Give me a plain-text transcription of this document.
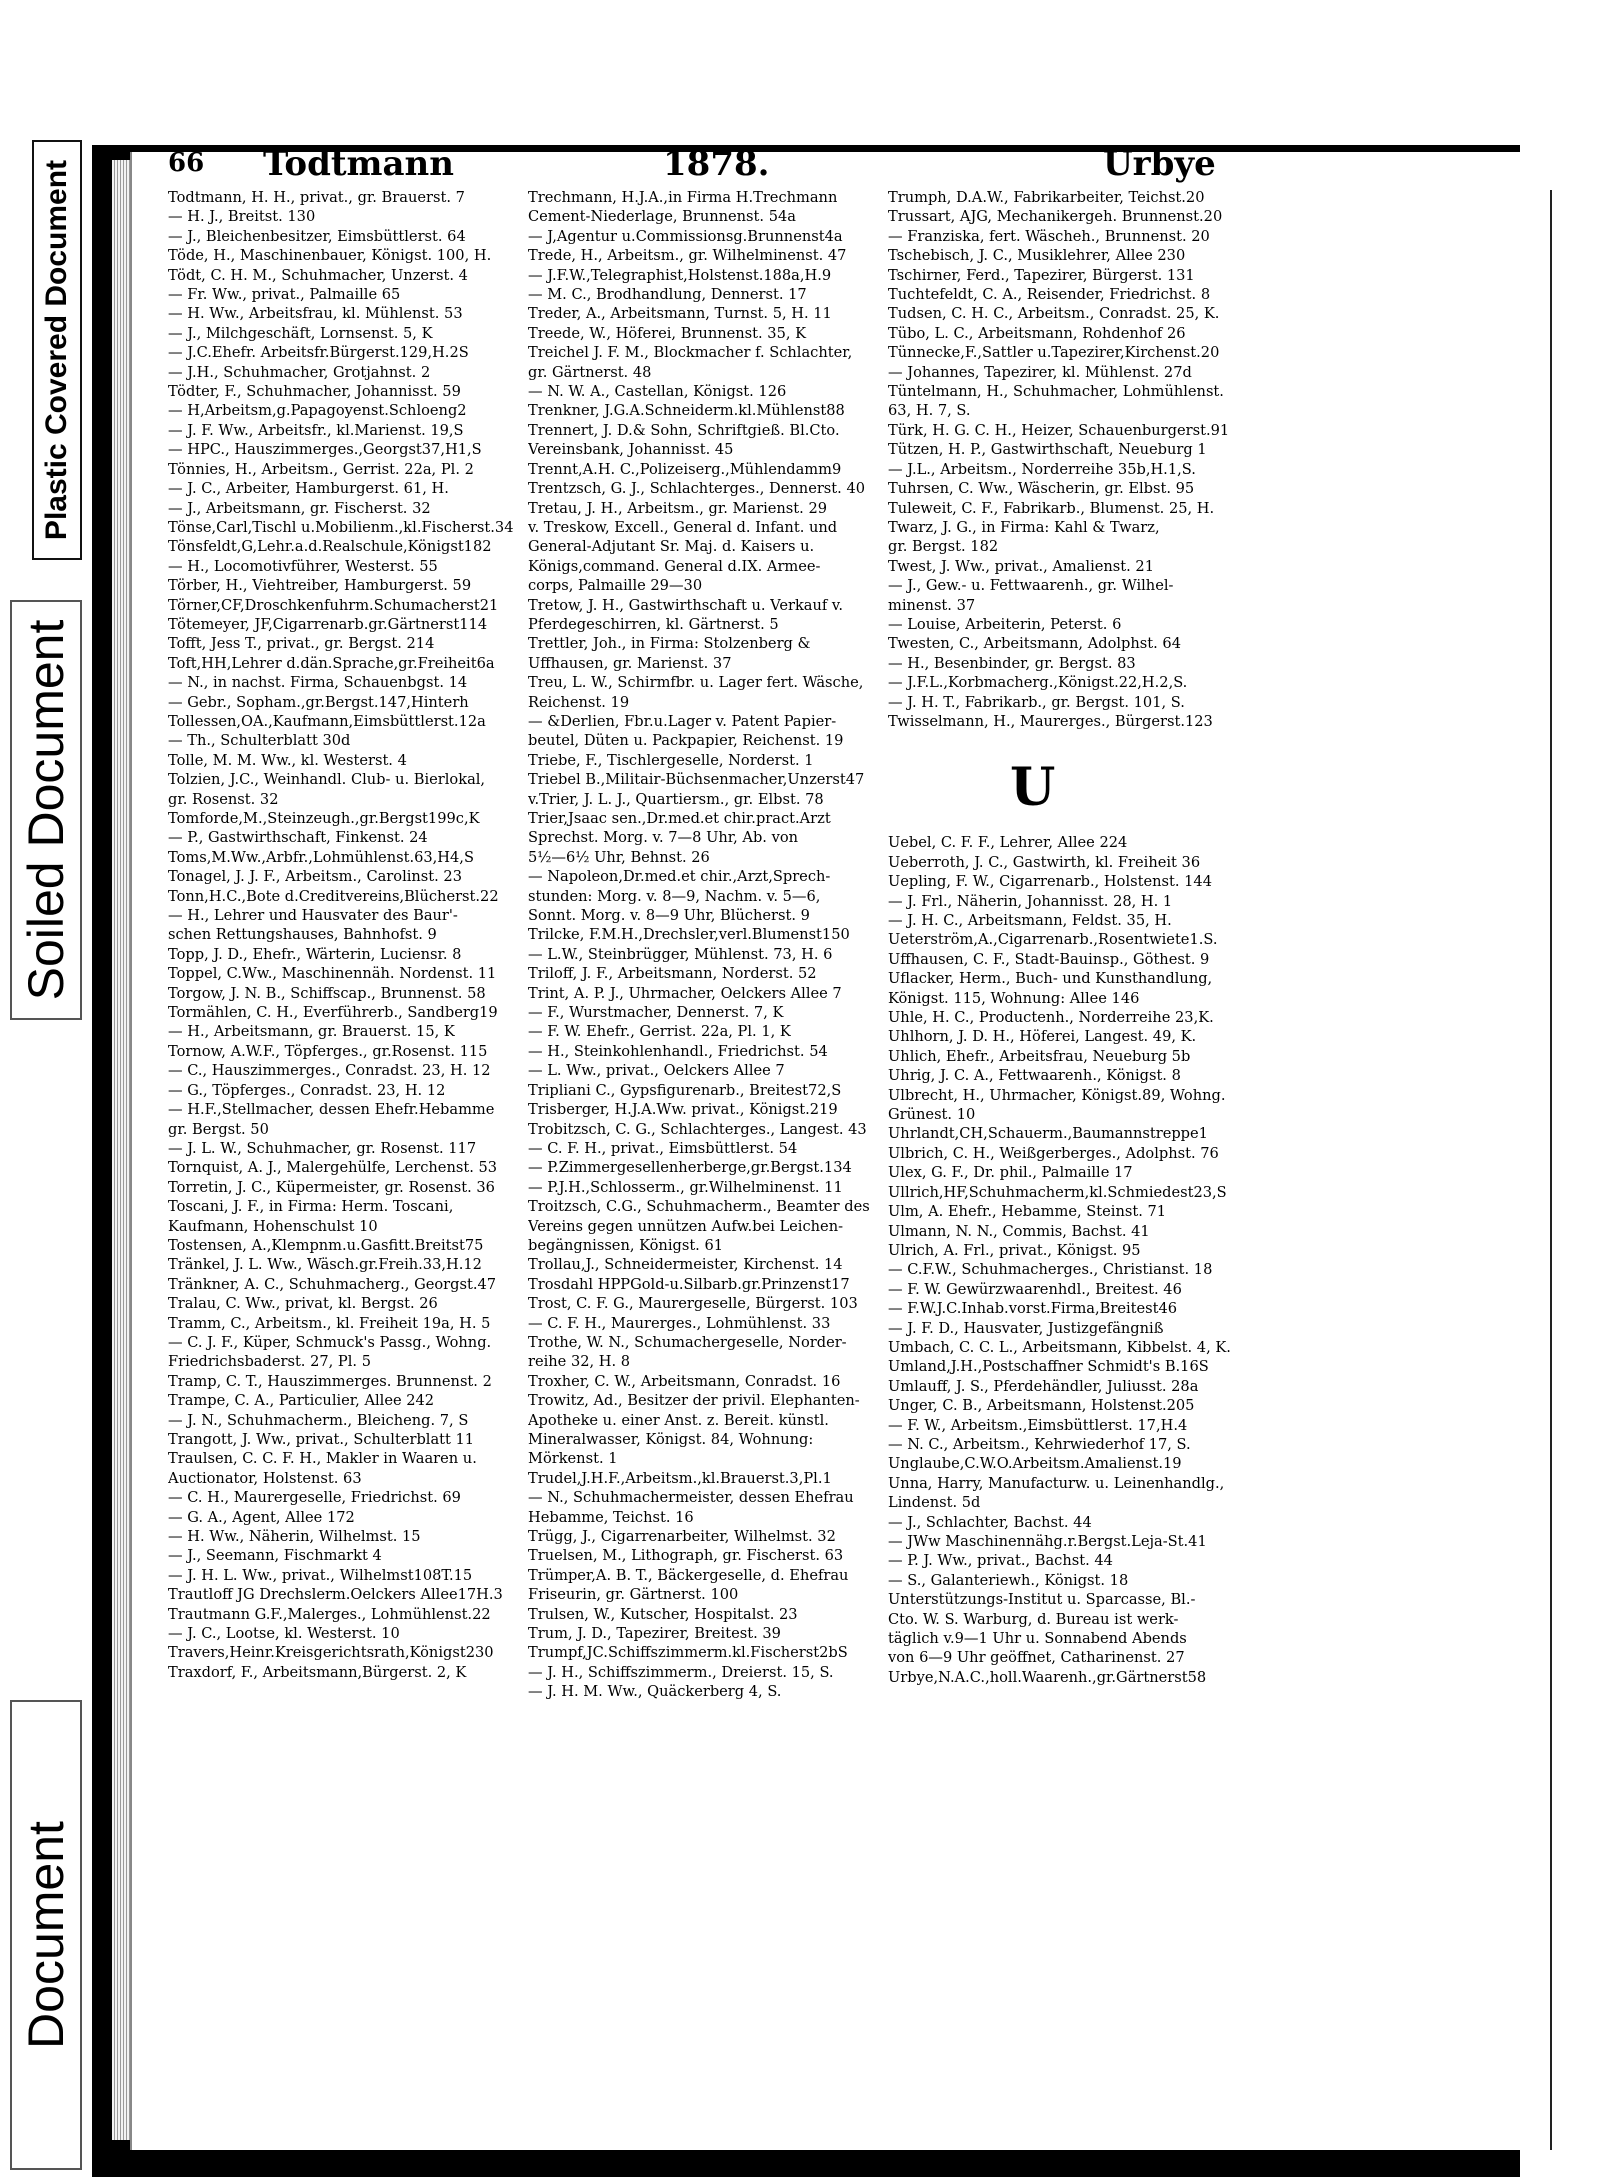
Plastic Covered Document
Soiled Document
Document
66 Todtmann	1878.	Urbye
Todtmann, H. H., privat., gr. Brauerst. 7
— H. J., Breitst. 130
— J., Bleichenbesitzer, Eimsbüttlerst. 64
Töde, H., Maschinenbauer, Königst. 100, H.
Tödt, C. H. M., Schuhmacher, Unzerst. 4
— Fr. Ww., privat., Palmaille 65
— H. Ww., Arbeitsfrau, kl. Mühlenst. 53
— J., Milchgeschäft, Lornsenst. 5, K
— J.C.Ehefr. Arbeitsfr.Bürgerst.129,H.2S
— J.H., Schuhmacher, Grotjahnst. 2
Tödter, F., Schuhmacher, Johannisst. 59
— H,Arbeitsm,g.Papagoyenst.Schloeng2
— J. F. Ww., Arbeitsfr., kl.Marienst. 19,S
— HPC., Hauszimmerges.,Georgst37,H1,S
Tönnies, H., Arbeitsm., Gerrist. 22a, Pl. 2
— J. C., Arbeiter, Hamburgerst. 61, H.
— J., Arbeitsmann, gr. Fischerst. 32
Tönse,Carl,Tischl u.Mobilienm.,kl.Fischerst.34
Tönsfeldt,G,Lehr.a.d.Realschule,Königst182
— H., Locomotivführer, Westerst. 55
Törber, H., Viehtreiber, Hamburgerst. 59
Törner,CF,Droschkenfuhrm.Schumacherst21
Tötemeyer, JF,Cigarrenarb.gr.Gärtnerst114
Tofft, Jess T., privat., gr. Bergst. 214
Toft,HH,Lehrer d.dän.Sprache,gr.Freiheit6a
— N., in nachst. Firma, Schauenbgst. 14
— Gebr., Sopham.,gr.Bergst.147,Hinterh
Tollessen,OA.,Kaufmann,Eimsbüttlerst.12a
— Th., Schulterblatt 30d
Tolle, M. M. Ww., kl. Westerst. 4
Tolzien, J.C., Weinhandl. Club- u. Bierlokal,
gr. Rosenst. 32
Tomforde,M.,Steinzeugh.,gr.Bergst199c,K
— P., Gastwirthschaft, Finkenst. 24
Toms,M.Ww.,Arbfr.,Lohmühlenst.63,H4,S
Tonagel, J. J. F., Arbeitsm., Carolinst. 23
Tonn,H.C.,Bote d.Creditvereins,Blücherst.22
— H., Lehrer und Hausvater des Baur'-
schen Rettungshauses, Bahnhofst. 9
Topp, J. D., Ehefr., Wärterin, Luciensr. 8
Toppel, C.Ww., Maschinennäh. Nordenst. 11
Torgow, J. N. B., Schiffscap., Brunnenst. 58
Tormählen, C. H., Everführerb., Sandberg19
— H., Arbeitsmann, gr. Brauerst. 15, K
Tornow, A.W.F., Töpferges., gr.Rosenst. 115
— C., Hauszimmerges., Conradst. 23, H. 12
— G., Töpferges., Conradst. 23, H. 12
— H.F.,Stellmacher, dessen Ehefr.Hebamme
gr. Bergst. 50
— J. L. W., Schuhmacher, gr. Rosenst. 117
Tornquist, A. J., Malergehülfe, Lerchenst. 53
Torretin, J. C., Küpermeister, gr. Rosenst. 36
Toscani, J. F., in Firma: Herm. Toscani,
Kaufmann, Hohenschulst 10
Tostensen, A.,Klempnm.u.Gasfitt.Breitst75
Tränkel, J. L. Ww., Wäsch.gr.Freih.33,H.12
Tränkner, A. C., Schuhmacherg., Georgst.47
Tralau, C. Ww., privat, kl. Bergst. 26
Tramm, C., Arbeitsm., kl. Freiheit 19a, H. 5
— C. J. F., Küper, Schmuck's Passg., Wohng.
Friedrichsbaderst. 27, Pl. 5
Tramp, C. T., Hauszimmerges. Brunnenst. 2
Trampe, C. A., Particulier, Allee 242
— J. N., Schuhmacherm., Bleicheng. 7, S
Trangott, J. Ww., privat., Schulterblatt 11
Traulsen, C. C. F. H., Makler in Waaren u.
Auctionator, Holstenst. 63
— C. H., Maurergeselle, Friedrichst. 69
— G. A., Agent, Allee 172
— H. Ww., Näherin, Wilhelmst. 15
— J., Seemann, Fischmarkt 4
— J. H. L. Ww., privat., Wilhelmst108T.15
Trautloff JG Drechslerm.Oelckers Allee17H.3
Trautmann G.F.,Malerges., Lohmühlenst.22
— J. C., Lootse, kl. Westerst. 10
Travers,Heinr.Kreisgerichtsrath,Königst230
Traxdorf, F., Arbeitsmann,Bürgerst. 2, K
Trechmann, H.J.A.,in Firma H.Trechmann
Cement-Niederlage, Brunnenst. 54a
— J,Agentur u.Commissionsg.Brunnenst4a
Trede, H., Arbeitsm., gr. Wilhelminenst. 47
— J.F.W.,Telegraphist,Holstenst.188a,H.9
— M. C., Brodhandlung, Dennerst. 17
Treder, A., Arbeitsmann, Turnst. 5, H. 11
Treede, W., Höferei, Brunnenst. 35, K
Treichel J. F. M., Blockmacher f. Schlachter,
gr. Gärtnerst. 48
— N. W. A., Castellan, Königst. 126
Trenkner, J.G.A.Schneiderm.kl.Mühlenst88
Trennert, J. D.& Sohn, Schriftgieß. Bl.Cto.
Vereinsbank, Johannisst. 45
Trennt,A.H. C.,Polizeiserg.,Mühlendamm9
Trentzsch, G. J., Schlachterges., Dennerst. 40
Tretau, J. H., Arbeitsm., gr. Marienst. 29
v. Treskow, Excell., General d. Infant. und
General-Adjutant Sr. Maj. d. Kaisers u.
Königs,command. General d.IX. Armee-
corps, Palmaille 29—30
Tretow, J. H., Gastwirthschaft u. Verkauf v.
Pferdegeschirren, kl. Gärtnerst. 5
Trettler, Joh., in Firma: Stolzenberg &
Uffhausen, gr. Marienst. 37
Treu, L. W., Schirmfbr. u. Lager fert. Wäsche,
Reichenst. 19
— &Derlien, Fbr.u.Lager v. Patent Papier-
beutel, Düten u. Packpapier, Reichenst. 19
Triebe, F., Tischlergeselle, Norderst. 1
Triebel B.,Militair-Büchsenmacher,Unzerst47
v.Trier, J. L. J., Quartiersm., gr. Elbst. 78
Trier,Jsaac sen.,Dr.med.et chir.pract.Arzt
Sprechst. Morg. v. 7—8 Uhr, Ab. von
5½—6½ Uhr, Behnst. 26
— Napoleon,Dr.med.et chir.,Arzt,Sprech-
stunden: Morg. v. 8—9, Nachm. v. 5—6,
Sonnt. Morg. v. 8—9 Uhr, Blücherst. 9
Trilcke, F.M.H.,Drechsler,verl.Blumenst150
— L.W., Steinbrügger, Mühlenst. 73, H. 6
Triloff, J. F., Arbeitsmann, Norderst. 52
Trint, A. P. J., Uhrmacher, Oelckers Allee 7
— F., Wurstmacher, Dennerst. 7, K
— F. W. Ehefr., Gerrist. 22a, Pl. 1, K
— H., Steinkohlenhandl., Friedrichst. 54
— L. Ww., privat., Oelckers Allee 7
Tripliani C., Gypsfigurenarb., Breitest72,S
Trisberger, H.J.A.Ww. privat., Königst.219
Trobitzsch, C. G., Schlachterges., Langest. 43
— C. F. H., privat., Eimsbüttlerst. 54
— P.Zimmergesellenherberge,gr.Bergst.134
— P.J.H.,Schlosserm., gr.Wilhelminenst. 11
Troitzsch, C.G., Schuhmacherm., Beamter des
Vereins gegen unnützen Aufw.bei Leichen-
begängnissen, Königst. 61
Trollau,J., Schneidermeister, Kirchenst. 14
Trosdahl HPPGold-u.Silbarb.gr.Prinzenst17
Trost, C. F. G., Maurergeselle, Bürgerst. 103
— C. F. H., Maurerges., Lohmühlenst. 33
Trothe, W. N., Schumachergeselle, Norder-
reihe 32, H. 8
Troxher, C. W., Arbeitsmann, Conradst. 16
Trowitz, Ad., Besitzer der privil. Elephanten-
Apotheke u. einer Anst. z. Bereit. künstl.
Mineralwasser, Königst. 84, Wohnung:
Mörkenst. 1
Trudel,J.H.F.,Arbeitsm.,kl.Brauerst.3,Pl.1
— N., Schuhmachermeister, dessen Ehefrau
Hebamme, Teichst. 16
Trügg, J., Cigarrenarbeiter, Wilhelmst. 32
Truelsen, M., Lithograph, gr. Fischerst. 63
Trümper,A. B. T., Bäckergeselle, d. Ehefrau
Friseurin, gr. Gärtnerst. 100
Trulsen, W., Kutscher, Hospitalst. 23
Trum, J. D., Tapezirer, Breitest. 39
Trumpf,JC.Schiffszimmerm.kl.Fischerst2bS
— J. H., Schiffszimmerm., Dreierst. 15, S.
— J. H. M. Ww., Quäckerberg 4, S.
Trumph, D.A.W., Fabrikarbeiter, Teichst.20
Trussart, AJG, Mechanikergeh. Brunnenst.20
— Franziska, fert. Wäscheh., Brunnenst. 20
Tschebisch, J. C., Musiklehrer, Allee 230
Tschirner, Ferd., Tapezirer, Bürgerst. 131
Tuchtefeldt, C. A., Reisender, Friedrichst. 8
Tudsen, C. H. C., Arbeitsm., Conradst. 25, K.
Tübo, L. C., Arbeitsmann, Rohdenhof 26
Tünnecke,F.,Sattler u.Tapezirer,Kirchenst.20
— Johannes, Tapezirer, kl. Mühlenst. 27d
Tüntelmann, H., Schuhmacher, Lohmühlenst.
63, H. 7, S.
Türk, H. G. C. H., Heizer, Schauenburgerst.91
Tützen, H. P., Gastwirthschaft, Neueburg 1
— J.L., Arbeitsm., Norderreihe 35b,H.1,S.
Tuhrsen, C. Ww., Wäscherin, gr. Elbst. 95
Tuleweit, C. F., Fabrikarb., Blumenst. 25, H.
Twarz, J. G., in Firma: Kahl & Twarz,
gr. Bergst. 182
Twest, J. Ww., privat., Amalienst. 21
— J., Gew.- u. Fettwaarenh., gr. Wilhel-
minenst. 37
— Louise, Arbeiterin, Peterst. 6
Twesten, C., Arbeitsmann, Adolphst. 64
— H., Besenbinder, gr. Bergst. 83
— J.F.L.,Korbmacherg.,Königst.22,H.2,S.
— J. H. T., Fabrikarb., gr. Bergst. 101, S.
Twisselmann, H., Maurerges., Bürgerst.123
U
Uebel, C. F. F., Lehrer, Allee 224
Ueberroth, J. C., Gastwirth, kl. Freiheit 36
Uepling, F. W., Cigarrenarb., Holstenst. 144
— J. Frl., Näherin, Johannisst. 28, H. 1
— J. H. C., Arbeitsmann, Feldst. 35, H.
Ueterström,A.,Cigarrenarb.,Rosentwiete1.S.
Uffhausen, C. F., Stadt-Bauinsp., Göthest. 9
Uflacker, Herm., Buch- und Kunsthandlung,
Königst. 115, Wohnung: Allee 146
Uhle, H. C., Productenh., Norderreihe 23,K.
Uhlhorn, J. D. H., Höferei, Langest. 49, K.
Uhlich, Ehefr., Arbeitsfrau, Neueburg 5b
Uhrig, J. C. A., Fettwaarenh., Königst. 8
Ulbrecht, H., Uhrmacher, Königst.89, Wohng.
Grünest. 10
Uhrlandt,CH,Schauerm.,Baumannstreppe1
Ulbrich, C. H., Weißgerberges., Adolphst. 76
Ulex, G. F., Dr. phil., Palmaille 17
Ullrich,HF,Schuhmacherm,kl.Schmiedest23,S
Ulm, A. Ehefr., Hebamme, Steinst. 71
Ulmann, N. N., Commis, Bachst. 41
Ulrich, A. Frl., privat., Königst. 95
— C.F.W., Schuhmacherges., Christianst. 18
— F. W. Gewürzwaarenhdl., Breitest. 46
— F.W.J.C.Inhab.vorst.Firma,Breitest46
— J. F. D., Hausvater, Justizgefängniß
Umbach, C. C. L., Arbeitsmann, Kibbelst. 4, K.
Umland,J.H.,Postschaffner Schmidt's B.16S
Umlauff, J. S., Pferdehändler, Juliusst. 28a
Unger, C. B., Arbeitsmann, Holstenst.205
— F. W., Arbeitsm.,Eimsbüttlerst. 17,H.4
— N. C., Arbeitsm., Kehrwiederhof 17, S.
Unglaube,C.W.O.Arbeitsm.Amalienst.19
Unna, Harry, Manufacturw. u. Leinenhandlg.,
Lindenst. 5d
— J., Schlachter, Bachst. 44
— JWw Maschinennähg.r.Bergst.Leja-St.41
— P. J. Ww., privat., Bachst. 44
— S., Galanteriewh., Königst. 18
Unterstützungs-Institut u. Sparcasse, Bl.-
Cto. W. S. Warburg, d. Bureau ist werk-
täglich v.9—1 Uhr u. Sonnabend Abends
von 6—9 Uhr geöffnet, Catharinenst. 27
Urbye,N.A.C.,holl.Waarenh.,gr.Gärtnerst58
